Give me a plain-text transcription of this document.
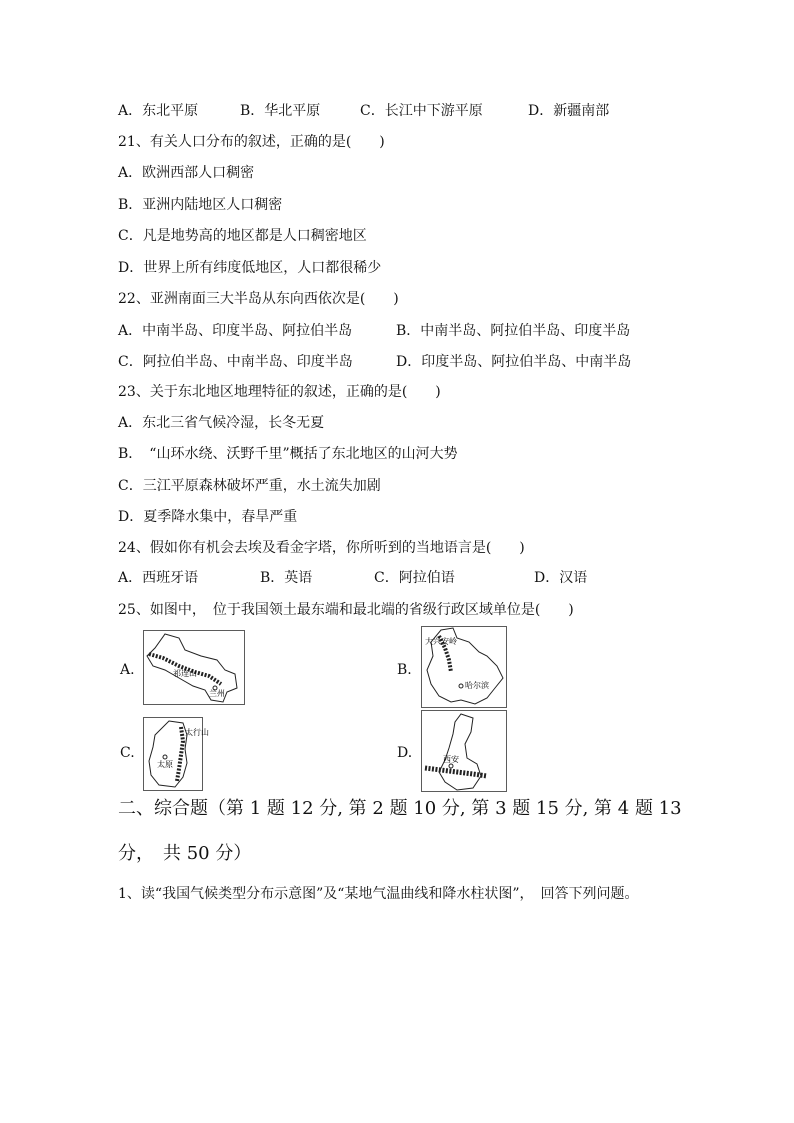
A．东北平原	B．华北平原	C．长江中下游平原	D．新疆南部
21、有关人口分布的叙述，正确的是(　　)
A．欧洲西部人口稠密
B．亚洲内陆地区人口稠密
C．凡是地势高的地区都是人口稠密地区
D．世界上所有纬度低地区，人口都很稀少
22、亚洲南面三大半岛从东向西依次是(　　)
A．中南半岛、印度半岛、阿拉伯半岛	B．中南半岛、阿拉伯半岛、印度半岛
C．阿拉伯半岛、中南半岛、印度半岛	D．印度半岛、阿拉伯半岛、中南半岛
23、关于东北地区地理特征的叙述，正确的是(　　)
A．东北三省气候冷湿，长冬无夏
B．　“山环水绕、沃野千里”概括了东北地区的山河大势
C．三江平原森林破坏严重，水土流失加剧
D．夏季降水集中，春旱严重
24、假如你有机会去埃及看金字塔，你所听到的当地语言是(　　)
A．西班牙语	B．英语	C．阿拉伯语	D．汉语
25、如图中，　位于我国领土最东端和最北端的省级行政区域单位是(　　)
A.	祁连山
兰州
B.
大兴安岭
哈尔滨
C.
太行山
太原
D.	西安
二、综合题（第 1 题 12 分, 第 2 题 10 分, 第 3 题 15 分, 第 4 题 13
分，　共 50 分）
1、读“我国气候类型分布示意图”及“某地气温曲线和降水柱状图”，　回答下列问题。
